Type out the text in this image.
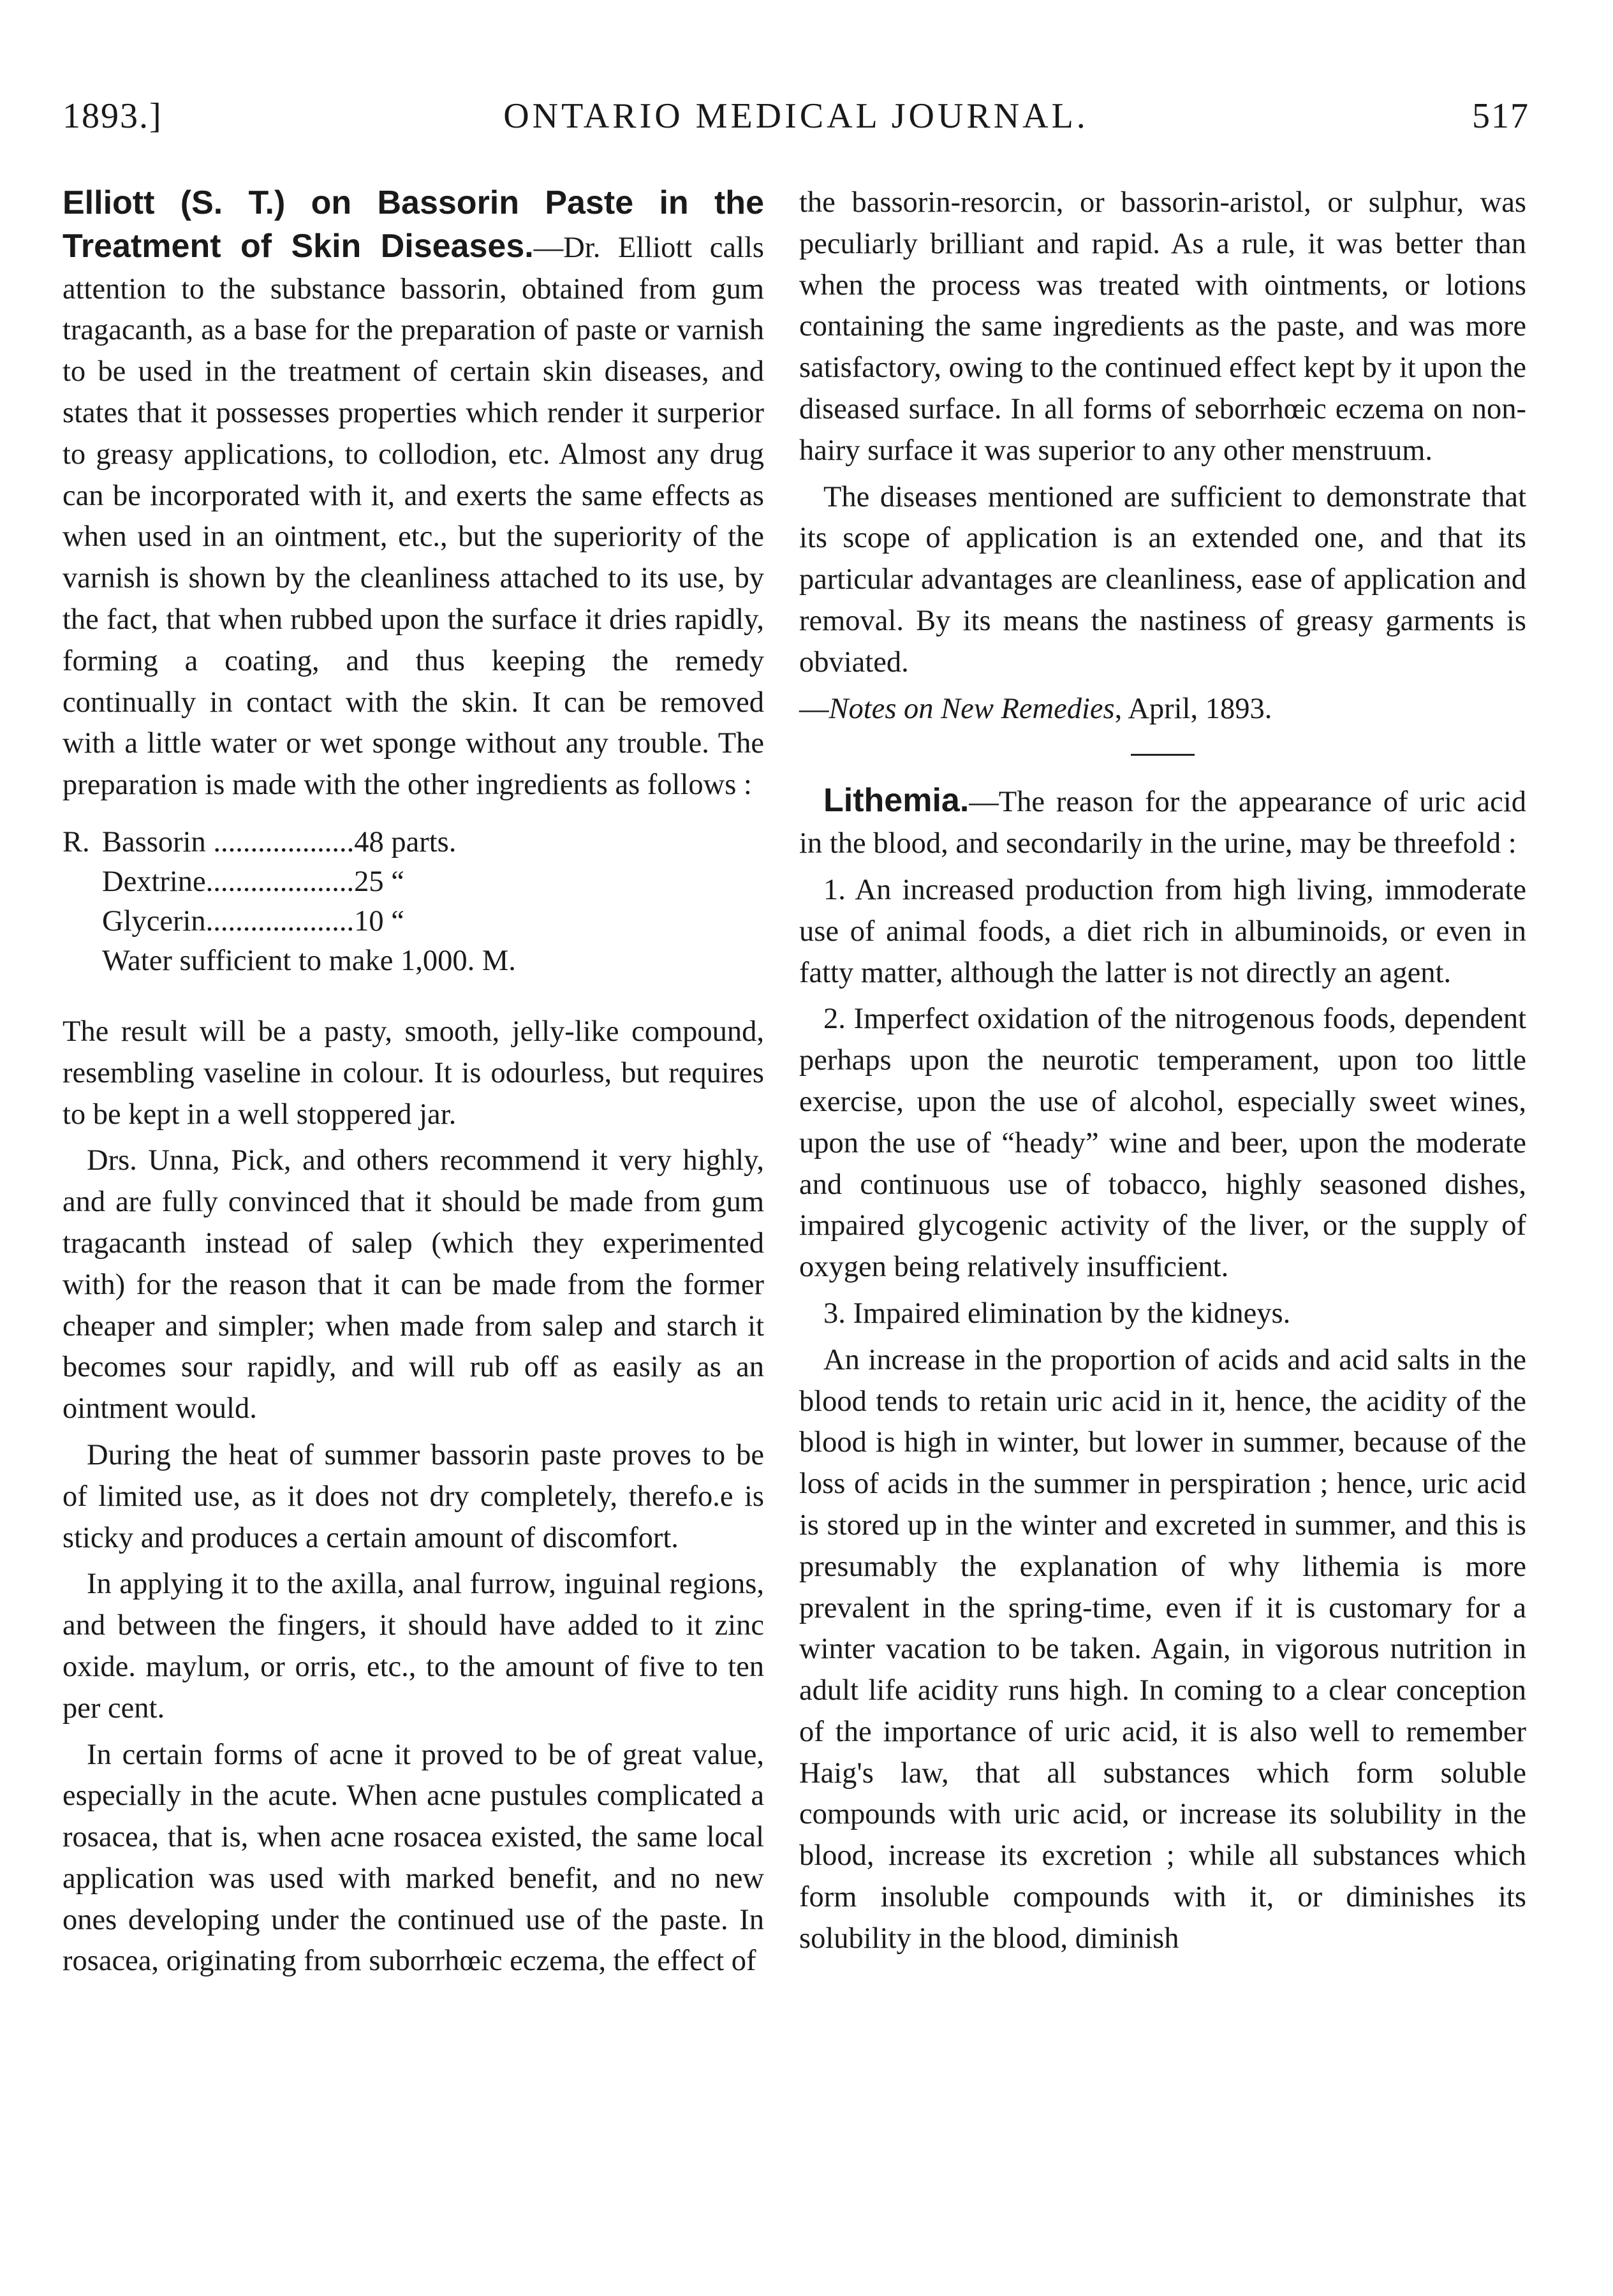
1893.]	ONTARIO MEDICAL JOURNAL.	517

Elliott (S. T.) on Bassorin Paste in the Treatment of Skin Diseases.—Dr. Elliott calls attention to the substance bassorin, obtained from gum tragacanth, as a base for the preparation of paste or varnish to be used in the treatment of certain skin diseases, and states that it possesses properties which render it surperior to greasy applications, to collodion, etc. Almost any drug can be incorporated with it, and exerts the same effects as when used in an ointment, etc., but the superiority of the varnish is shown by the cleanliness attached to its use, by the fact, that when rubbed upon the surface it dries rapidly, forming a coating, and thus keeping the remedy continually in contact with the skin. It can be removed with a little water or wet sponge without any trouble. The preparation is made with the other ingredients as follows :

R. Bassorin ...................48 parts.
Dextrine....................25 “
Glycerin....................10 “
Water sufficient to make 1,000. M.

The result will be a pasty, smooth, jelly-like compound, resembling vaseline in colour. It is odourless, but requires to be kept in a well stoppered jar.

Drs. Unna, Pick, and others recommend it very highly, and are fully convinced that it should be made from gum tragacanth instead of salep (which they experimented with) for the reason that it can be made from the former cheaper and simpler; when made from salep and starch it becomes sour rapidly, and will rub off as easily as an ointment would.

During the heat of summer bassorin paste proves to be of limited use, as it does not dry completely, therefo.e is sticky and produces a certain amount of discomfort.

In applying it to the axilla, anal furrow, inguinal regions, and between the fingers, it should have added to it zinc oxide. maylum, or orris, etc., to the amount of five to ten per cent.

In certain forms of acne it proved to be of great value, especially in the acute. When acne pustules complicated a rosacea, that is, when acne rosacea existed, the same local application was used with marked benefit, and no new ones developing under the continued use of the paste. In rosacea, originating from suborrhœic eczema, the effect of

the bassorin-resorcin, or bassorin-aristol, or sulphur, was peculiarly brilliant and rapid. As a rule, it was better than when the process was treated with ointments, or lotions containing the same ingredients as the paste, and was more satisfactory, owing to the continued effect kept by it upon the diseased surface. In all forms of seborrhœic eczema on non-hairy surface it was superior to any other menstruum.

The diseases mentioned are sufficient to demonstrate that its scope of application is an extended one, and that its particular advantages are cleanliness, ease of application and removal. By its means the nastiness of greasy garments is obviated.

—Notes on New Remedies, April, 1893.

Lithemia.—The reason for the appearance of uric acid in the blood, and secondarily in the urine, may be threefold :

1. An increased production from high living, immoderate use of animal foods, a diet rich in albuminoids, or even in fatty matter, although the latter is not directly an agent.

2. Imperfect oxidation of the nitrogenous foods, dependent perhaps upon the neurotic temperament, upon too little exercise, upon the use of alcohol, especially sweet wines, upon the use of “heady” wine and beer, upon the moderate and continuous use of tobacco, highly seasoned dishes, impaired glycogenic activity of the liver, or the supply of oxygen being relatively insufficient.

3. Impaired elimination by the kidneys.

An increase in the proportion of acids and acid salts in the blood tends to retain uric acid in it, hence, the acidity of the blood is high in winter, but lower in summer, because of the loss of acids in the summer in perspiration ; hence, uric acid is stored up in the winter and excreted in summer, and this is presumably the explanation of why lithemia is more prevalent in the spring-time, even if it is customary for a winter vacation to be taken. Again, in vigorous nutrition in adult life acidity runs high. In coming to a clear conception of the importance of uric acid, it is also well to remember Haig's law, that all substances which form soluble compounds with uric acid, or increase its solubility in the blood, increase its excretion ; while all substances which form insoluble compounds with it, or diminishes its solubility in the blood, diminish
